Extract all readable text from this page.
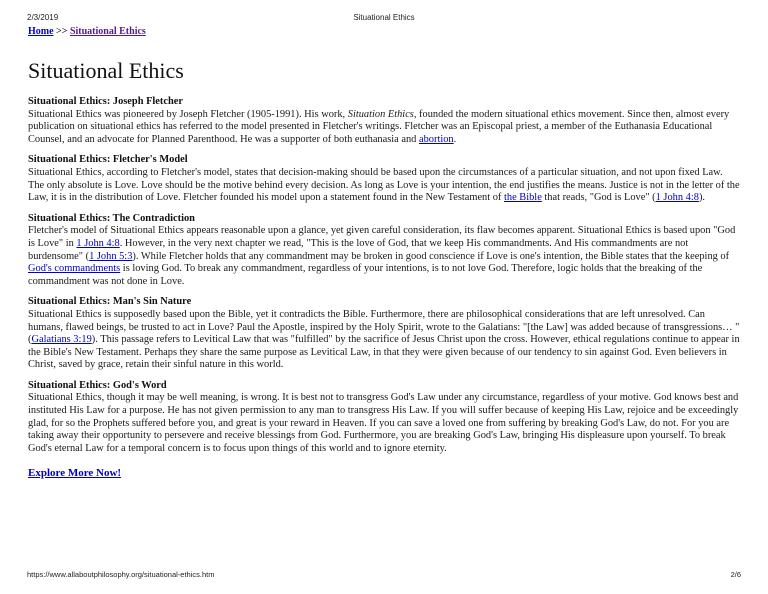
2/3/2019	Situational Ethics
Home >> Situational Ethics
Situational Ethics
Situational Ethics: Joseph Fletcher

Situational Ethics was pioneered by Joseph Fletcher (1905-1991). His work, Situation Ethics, founded the modern situational ethics movement. Since then, almost every publication on situational ethics has referred to the model presented in Fletcher's writings. Fletcher was an Episcopal priest, a member of the Euthanasia Educational Counsel, and an advocate for Planned Parenthood. He was a supporter of both euthanasia and abortion.

Situational Ethics: Fletcher's Model

Situational Ethics, according to Fletcher's model, states that decision-making should be based upon the circumstances of a particular situation, and not upon fixed Law. The only absolute is Love. Love should be the motive behind every decision. As long as Love is your intention, the end justifies the means. Justice is not in the letter of the Law, it is in the distribution of Love. Fletcher founded his model upon a statement found in the New Testament of the Bible that reads, "God is Love" (1 John 4:8).

Situational Ethics: The Contradiction

Fletcher's model of Situational Ethics appears reasonable upon a glance, yet given careful consideration, its flaw becomes apparent. Situational Ethics is based upon "God is Love" in 1 John 4:8. However, in the very next chapter we read, "This is the love of God, that we keep His commandments. And His commandments are not burdensome" (1 John 5:3). While Fletcher holds that any commandment may be broken in good conscience if Love is one's intention, the Bible states that the keeping of God's commandments is loving God. To break any commandment, regardless of your intentions, is to not love God. Therefore, logic holds that the breaking of the commandment was not done in Love.

Situational Ethics: Man's Sin Nature

Situational Ethics is supposedly based upon the Bible, yet it contradicts the Bible. Furthermore, there are philosophical considerations that are left unresolved. Can humans, flawed beings, be trusted to act in Love? Paul the Apostle, inspired by the Holy Spirit, wrote to the Galatians: "[the Law] was added because of transgressions… " (Galatians 3:19). This passage refers to Levitical Law that was "fulfilled" by the sacrifice of Jesus Christ upon the cross. However, ethical regulations continue to appear in the Bible's New Testament. Perhaps they share the same purpose as Levitical Law, in that they were given because of our tendency to sin against God. Even believers in Christ, saved by grace, retain their sinful nature in this world.

Situational Ethics: God's Word

Situational Ethics, though it may be well meaning, is wrong. It is best not to transgress God's Law under any circumstance, regardless of your motive. God knows best and instituted His Law for a purpose. He has not given permission to any man to transgress His Law. If you will suffer because of keeping His Law, rejoice and be exceedingly glad, for so the Prophets suffered before you, and great is your reward in Heaven. If you can save a loved one from suffering by breaking God's Law, do not. For you are taking away their opportunity to persevere and receive blessings from God. Furthermore, you are breaking God's Law, bringing His displeasure upon yourself. To break God's eternal Law for a temporal concern is to focus upon things of this world and to ignore eternity.

Explore More Now!
https://www.allaboutphilosophy.org/situational-ethics.htm	2/6
